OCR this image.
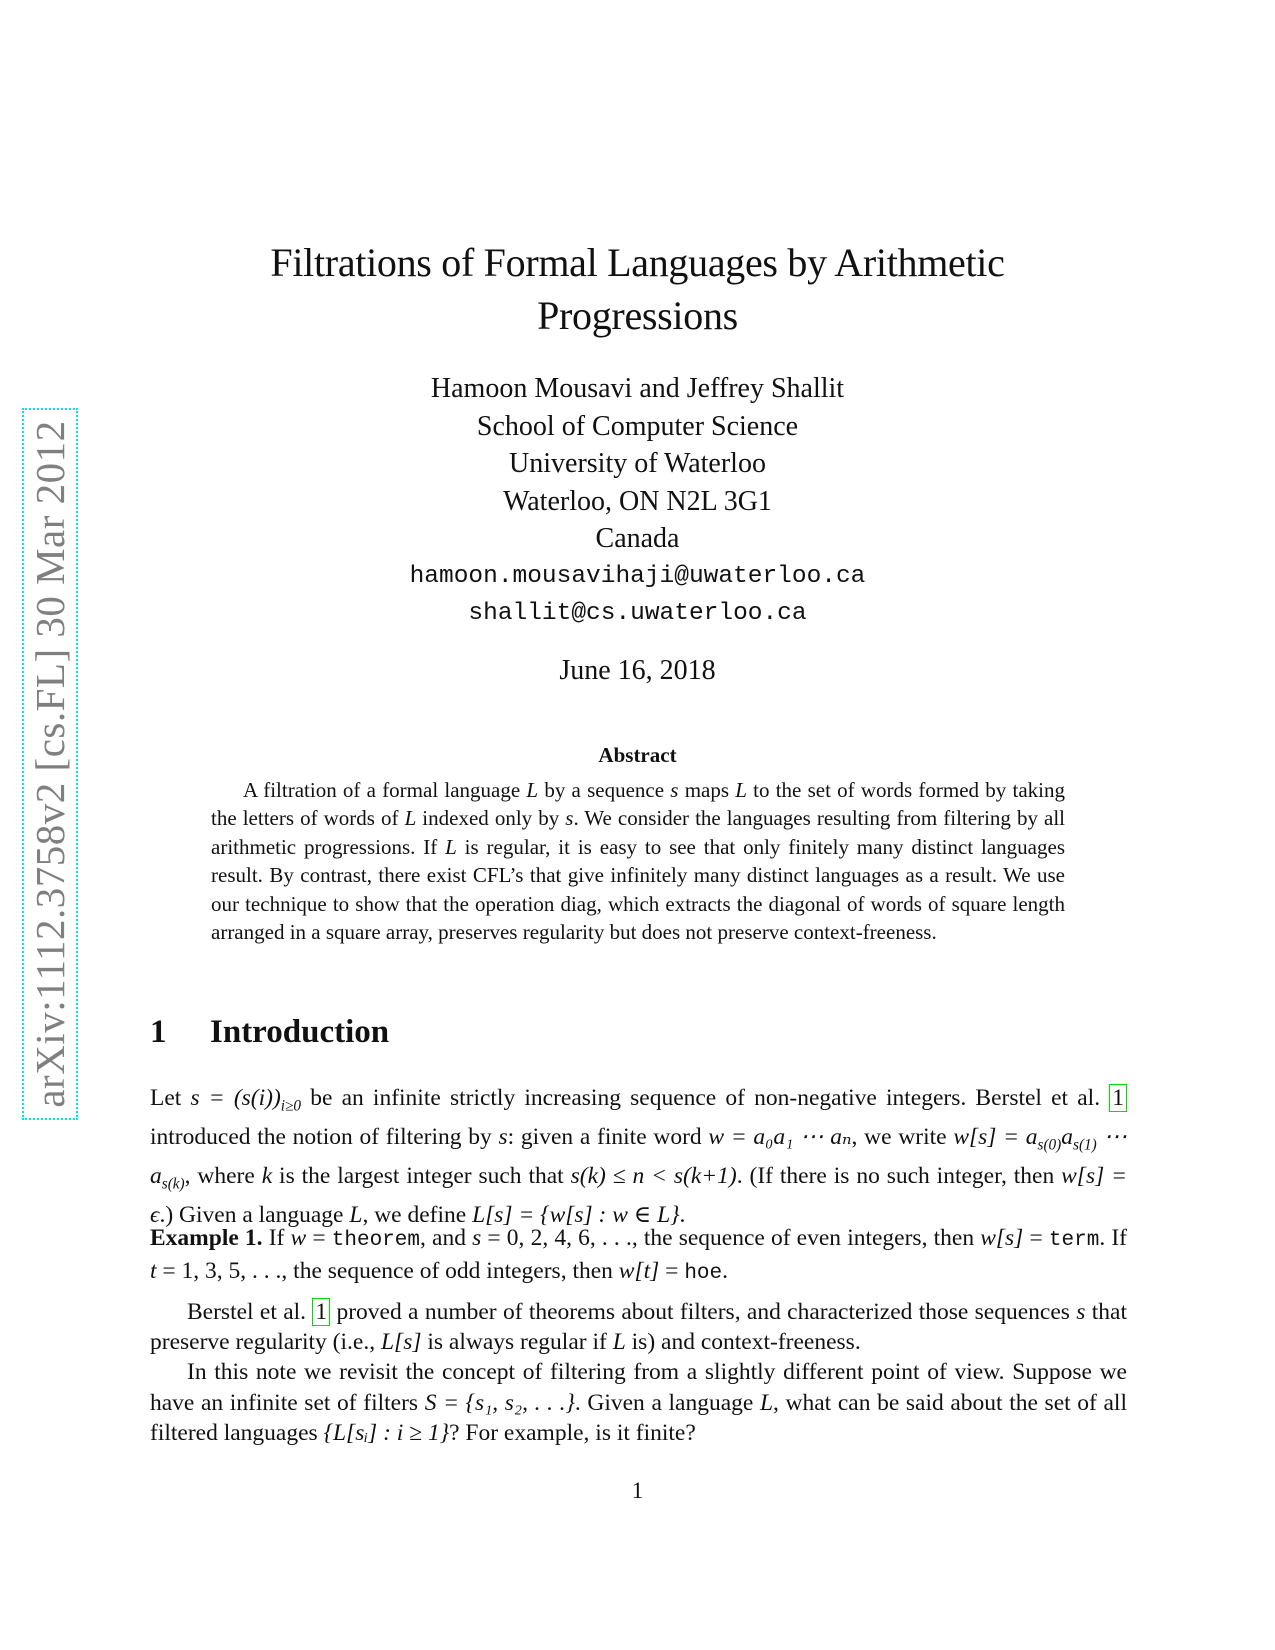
arXiv:1112.3758v2 [cs.FL] 30 Mar 2012
Filtrations of Formal Languages by Arithmetic
Progressions
Hamoon Mousavi and Jeffrey Shallit
School of Computer Science
University of Waterloo
Waterloo, ON N2L 3G1
Canada
hamoon.mousavihaji@uwaterloo.ca
shallit@cs.uwaterloo.ca
June 16, 2018
Abstract
A filtration of a formal language L by a sequence s maps L to the set of words formed by taking the letters of words of L indexed only by s. We consider the languages resulting from filtering by all arithmetic progressions. If L is regular, it is easy to see that only finitely many distinct languages result. By contrast, there exist CFL’s that give infinitely many distinct languages as a result. We use our technique to show that the operation diag, which extracts the diagonal of words of square length arranged in a square array, preserves regularity but does not preserve context-freeness.
1 Introduction
Let $s = (s(i))_{i\ge 0}$ be an infinite strictly increasing sequence of non-negative integers. Berstel et al. 1 introduced the notion of filtering by s: given a finite word w = a₀a₁ ⋯ aₙ, we write $w[s] = a_{s(0)}a_{s(1)}$ ⋯ $a_{s(k)}$, where k is the largest integer such that s(k) ≤ n < s(k+1). (If there is no such integer, then w[s] = ϵ.) Given a language L, we define L[s] = {w[s] : w ∈ L}.
Example 1. If w = theorem, and s = 0, 2, 4, 6, . . ., the sequence of even integers, then w[s] = term. If t = 1, 3, 5, . . ., the sequence of odd integers, then w[t] = hoe.
Berstel et al. 1 proved a number of theorems about filters, and characterized those sequences s that preserve regularity (i.e., L[s] is always regular if L is) and context-freeness.
In this note we revisit the concept of filtering from a slightly different point of view. Suppose we have an infinite set of filters S = {s₁, s₂, . . .}. Given a language L, what can be said about the set of all filtered languages {L[sᵢ] : i ≥ 1}? For example, is it finite?
1
